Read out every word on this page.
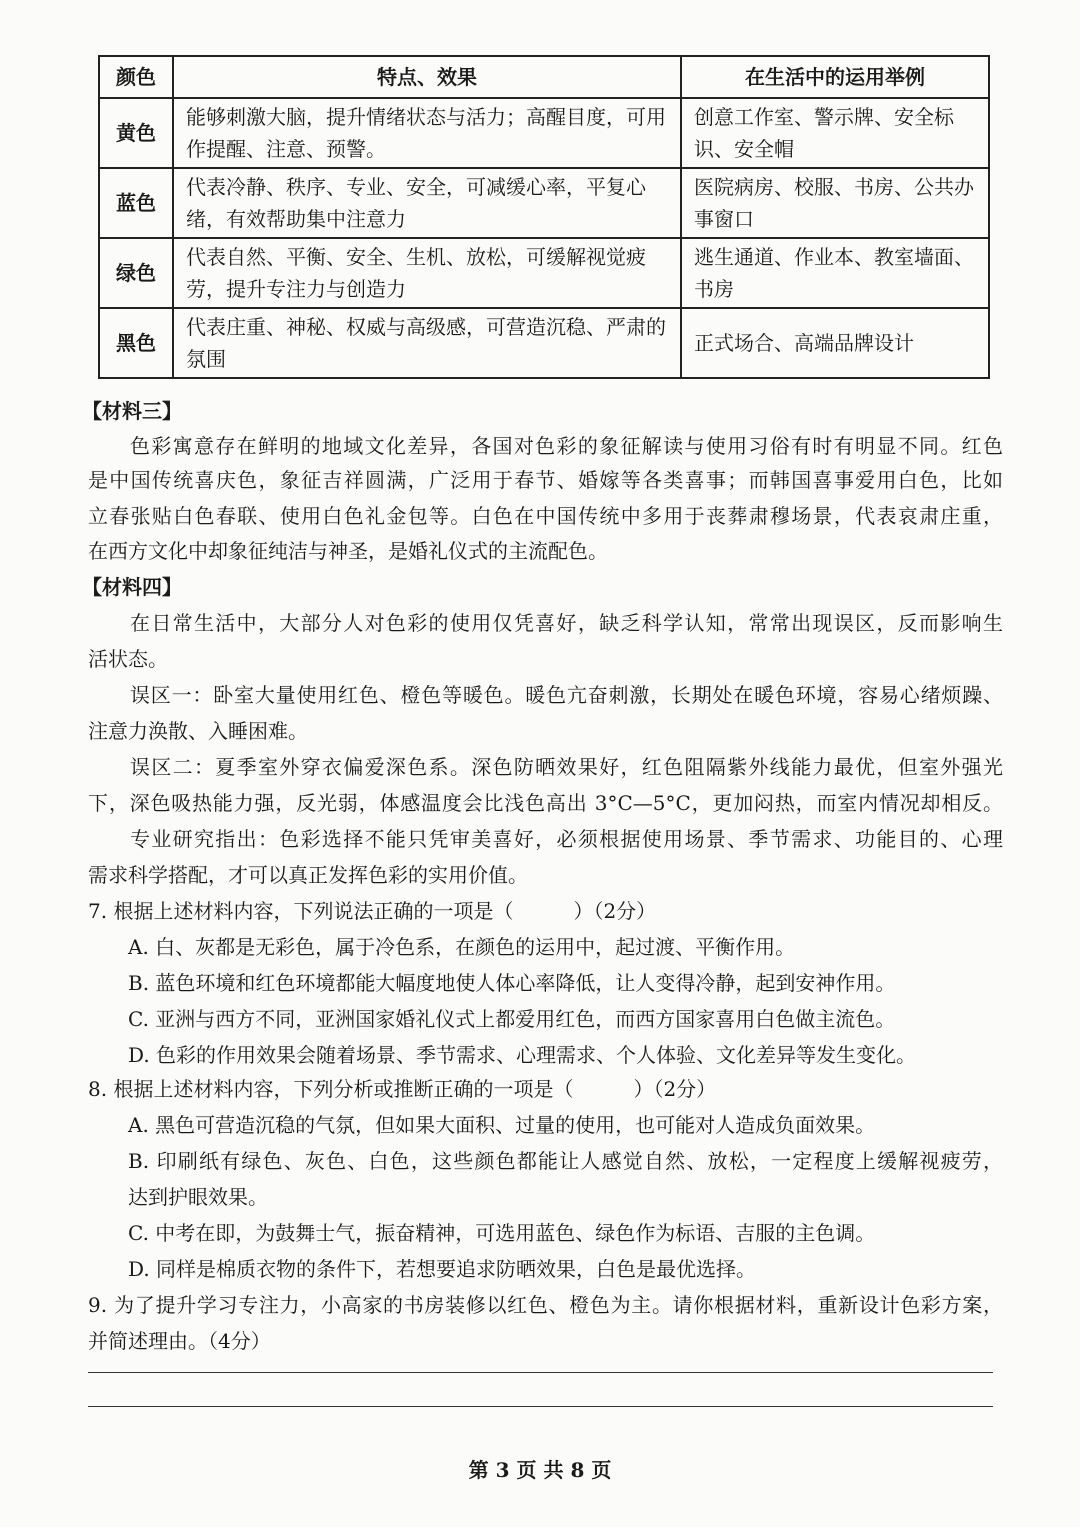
颜色	特点、效果	在生活中的运用举例
黄色	能够刺激大脑，提升情绪状态与活力；高醒目度，可用作提醒、注意、预警。	创意工作室、警示牌、安全标识、安全帽
蓝色	代表冷静、秩序、专业、安全，可减缓心率，平复心绪，有效帮助集中注意力	医院病房、校服、书房、公共办事窗口
绿色	代表自然、平衡、安全、生机、放松，可缓解视觉疲劳，提升专注力与创造力	逃生通道、作业本、教室墙面、书房
黑色	代表庄重、神秘、权威与高级感，可营造沉稳、严肃的氛围	正式场合、高端品牌设计
【材料三】
色彩寓意存在鲜明的地域文化差异，各国对色彩的象征解读与使用习俗有时有明显不同。红色
是中国传统喜庆色，象征吉祥圆满，广泛用于春节、婚嫁等各类喜事；而韩国喜事爱用白色，比如
立春张贴白色春联、使用白色礼金包等。白色在中国传统中多用于丧葬肃穆场景，代表哀肃庄重，
在西方文化中却象征纯洁与神圣，是婚礼仪式的主流配色。
【材料四】
在日常生活中，大部分人对色彩的使用仅凭喜好，缺乏科学认知，常常出现误区，反而影响生
活状态。
误区一：卧室大量使用红色、橙色等暖色。暖色亢奋刺激，长期处在暖色环境，容易心绪烦躁、
注意力涣散、入睡困难。
误区二：夏季室外穿衣偏爱深色系。深色防晒效果好，红色阻隔紫外线能力最优，但室外强光
下，深色吸热能力强，反光弱，体感温度会比浅色高出 3°C—5°C，更加闷热，而室内情况却相反。
专业研究指出：色彩选择不能只凭审美喜好，必须根据使用场景、季节需求、功能目的、心理
需求科学搭配，才可以真正发挥色彩的实用价值。
7. 根据上述材料内容，下列说法正确的一项是（　　　）（2分）
A. 白、灰都是无彩色，属于冷色系，在颜色的运用中，起过渡、平衡作用。
B. 蓝色环境和红色环境都能大幅度地使人体心率降低，让人变得冷静，起到安神作用。
C. 亚洲与西方不同，亚洲国家婚礼仪式上都爱用红色，而西方国家喜用白色做主流色。
D. 色彩的作用效果会随着场景、季节需求、心理需求、个人体验、文化差异等发生变化。
8. 根据上述材料内容，下列分析或推断正确的一项是（　　　）（2分）
A. 黑色可营造沉稳的气氛，但如果大面积、过量的使用，也可能对人造成负面效果。
B. 印刷纸有绿色、灰色、白色，这些颜色都能让人感觉自然、放松，一定程度上缓解视疲劳，
达到护眼效果。
C. 中考在即，为鼓舞士气，振奋精神，可选用蓝色、绿色作为标语、吉服的主色调。
D. 同样是棉质衣物的条件下，若想要追求防晒效果，白色是最优选择。
9. 为了提升学习专注力，小高家的书房装修以红色、橙色为主。请你根据材料，重新设计色彩方案，
并简述理由。（4分）
第 3 页 共 8 页
